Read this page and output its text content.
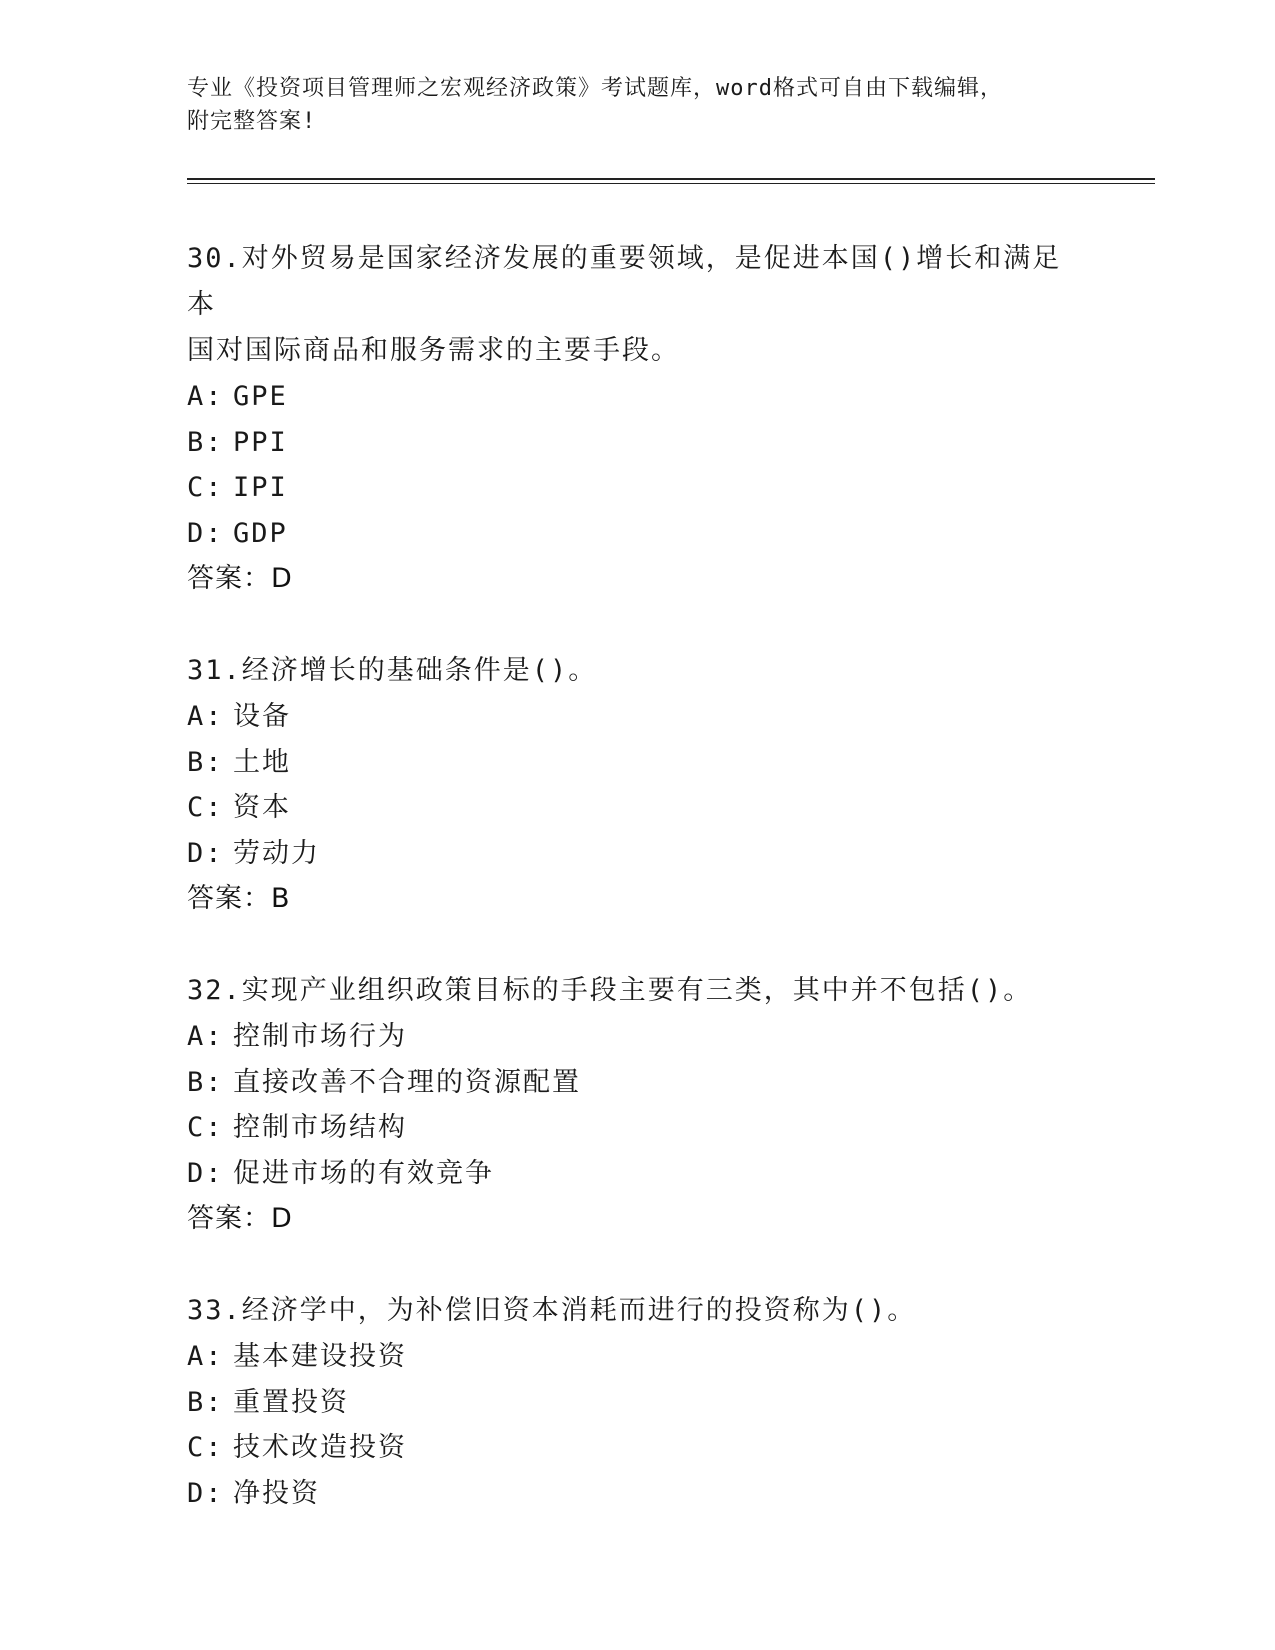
专业《投资项目管理师之宏观经济政策》考试题库，word格式可自由下载编辑，
附完整答案!
30.对外贸易是国家经济发展的重要领域，是促进本国()增长和满足本
国对国际商品和服务需求的主要手段。
A: GPE
B: PPI
C: IPI
D: GDP
答案：D
31.经济增长的基础条件是()。
A: 设备
B: 土地
C: 资本
D: 劳动力
答案：B
32.实现产业组织政策目标的手段主要有三类，其中并不包括()。
A: 控制市场行为
B: 直接改善不合理的资源配置
C: 控制市场结构
D: 促进市场的有效竞争
答案：D
33.经济学中，为补偿旧资本消耗而进行的投资称为()。
A: 基本建设投资
B: 重置投资
C: 技术改造投资
D: 净投资
